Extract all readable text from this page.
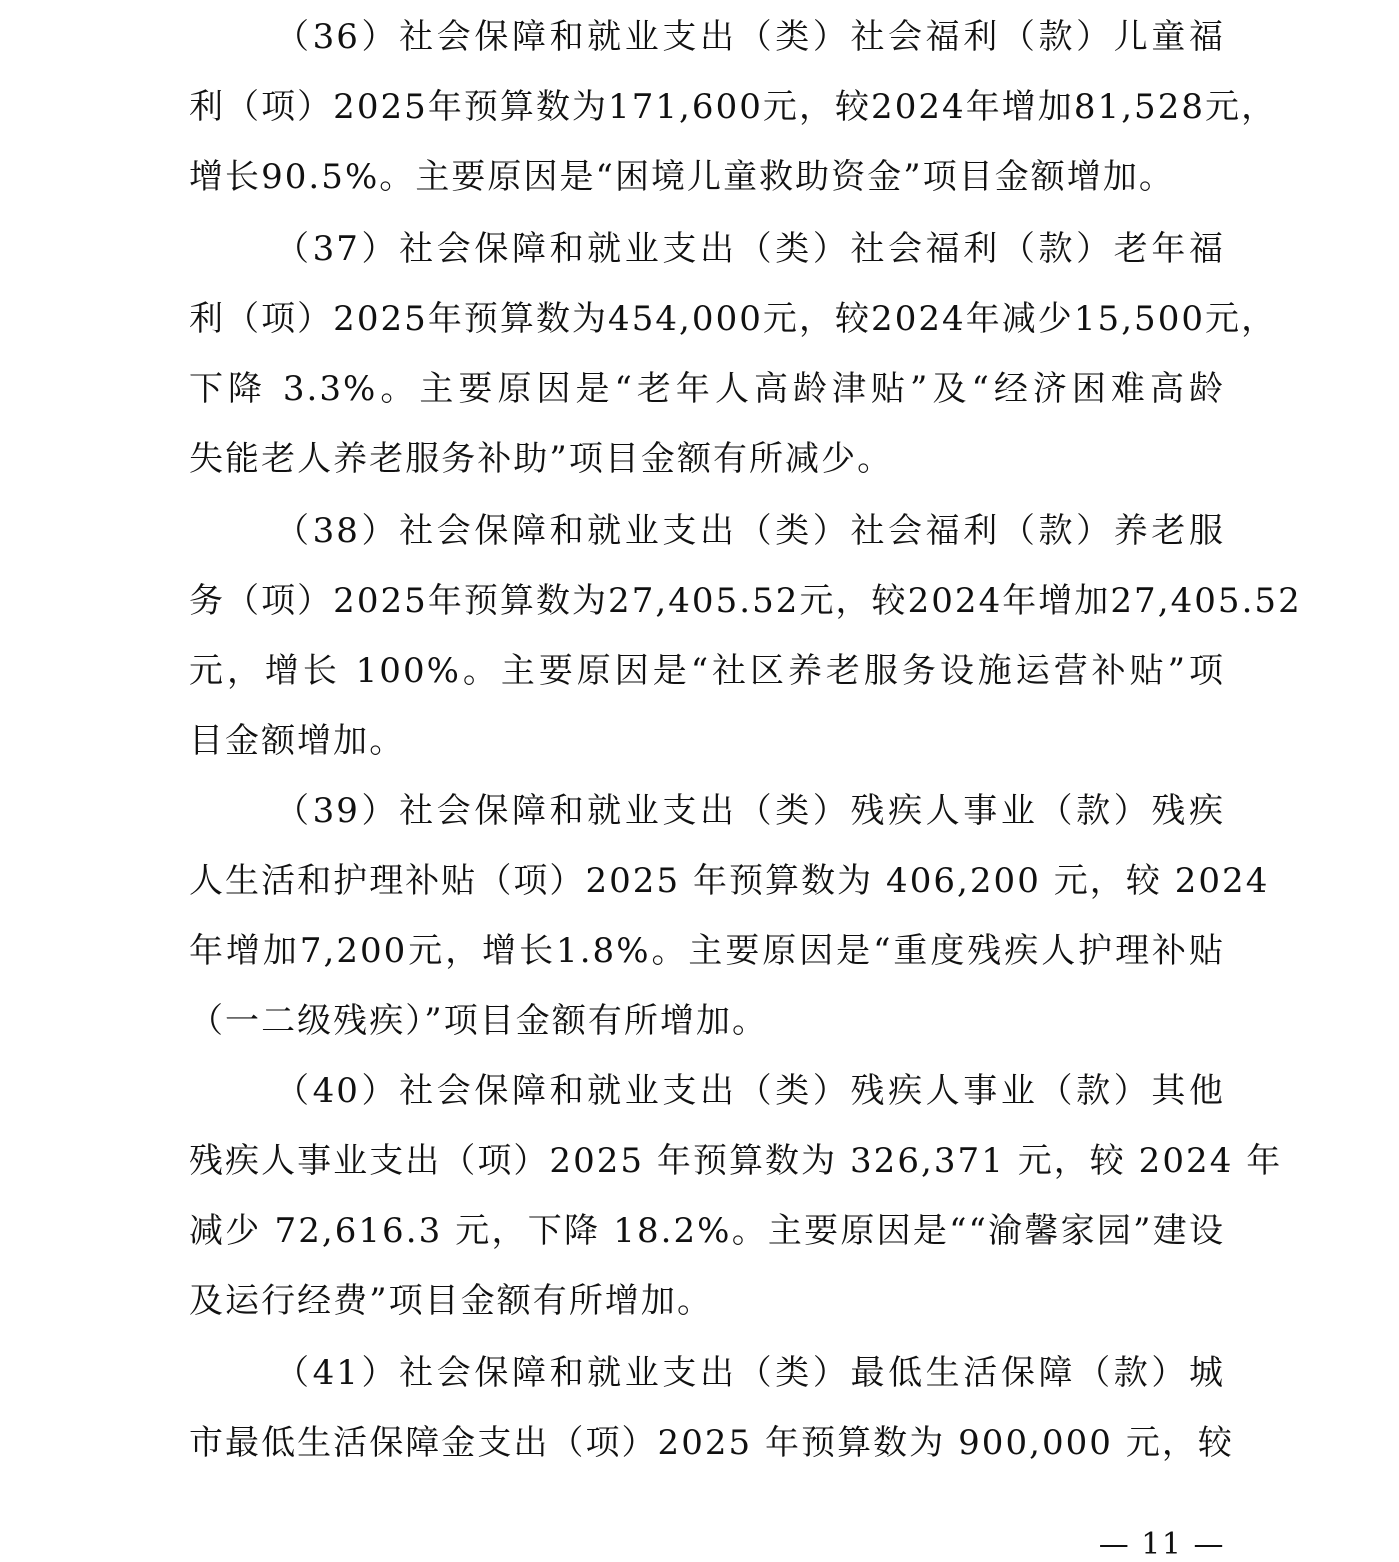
（36）社会保障和就业支出（类）社会福利（款）儿童福
利（项）2025年预算数为171,600元，较2024年增加81,528元，
增长90.5%。主要原因是“困境儿童救助资金”项目金额增加。
（37）社会保障和就业支出（类）社会福利（款）老年福
利（项）2025年预算数为454,000元，较2024年减少15,500元，
下降 3.3%。主要原因是“老年人高龄津贴”及“经济困难高龄
失能老人养老服务补助”项目金额有所减少。
（38）社会保障和就业支出（类）社会福利（款）养老服
务（项）2025年预算数为27,405.52元，较2024年增加27,405.52
元，增长 100%。主要原因是“社区养老服务设施运营补贴”项
目金额增加。
（39）社会保障和就业支出（类）残疾人事业（款）残疾
人生活和护理补贴（项）2025 年预算数为 406,200 元，较 2024
年增加7,200元，增长1.8%。主要原因是“重度残疾人护理补贴
（一二级残疾）”项目金额有所增加。
（40）社会保障和就业支出（类）残疾人事业（款）其他
残疾人事业支出（项）2025 年预算数为 326,371 元，较 2024 年
减少 72,616.3 元，下降 18.2%。主要原因是““渝馨家园”建设
及运行经费”项目金额有所增加。
（41）社会保障和就业支出（类）最低生活保障（款）城
市最低生活保障金支出（项）2025 年预算数为 900,000 元，较
— 11 —
